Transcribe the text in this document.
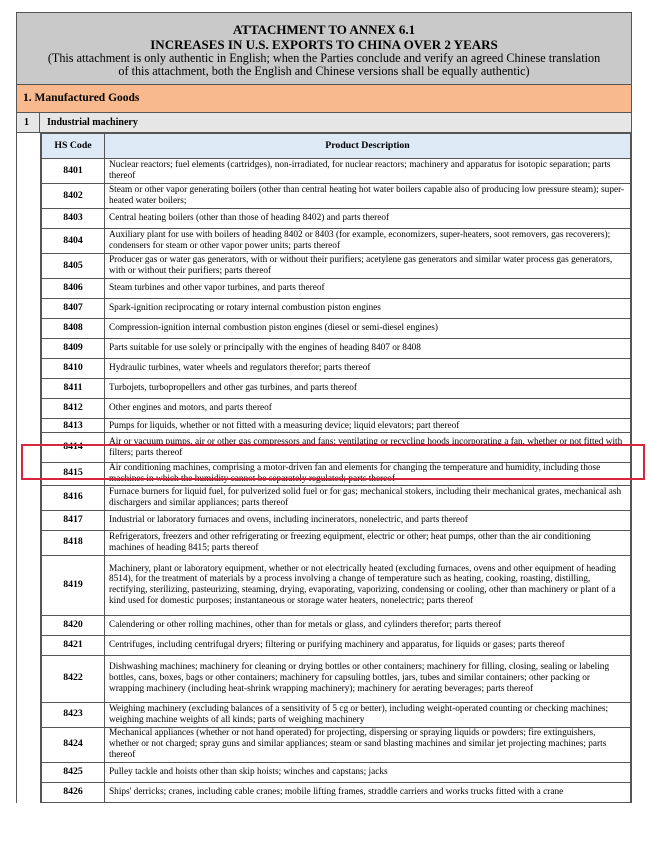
ATTACHMENT TO ANNEX 6.1
INCREASES IN U.S. EXPORTS TO CHINA OVER 2 YEARS
(This attachment is only authentic in English; when the Parties conclude and verify an agreed Chinese translation
of this attachment, both the English and Chinese versions shall be equally authentic)
1. Manufactured Goods
1	Industrial machinery
HS Code	Product Description
8401	Nuclear reactors; fuel elements (cartridges), non-irradiated, for nuclear reactors; machinery and apparatus for isotopic separation; parts thereof
8402	Steam or other vapor generating boilers (other than central heating hot water boilers capable also of producing low pressure steam); super-heated water boilers;
8403	Central heating boilers (other than those of heading 8402) and parts thereof
8404	Auxiliary plant for use with boilers of heading 8402 or 8403 (for example, economizers, super-heaters, soot removers, gas recoverers); condensers for steam or other vapor power units; parts thereof
8405	Producer gas or water gas generators, with or without their purifiers; acetylene gas generators and similar water process gas generators, with or without their purifiers; parts thereof
8406	Steam turbines and other vapor turbines, and parts thereof
8407	Spark-ignition reciprocating or rotary internal combustion piston engines
8408	Compression-ignition internal combustion piston engines (diesel or semi-diesel engines)
8409	Parts suitable for use solely or principally with the engines of heading 8407 or 8408
8410	Hydraulic turbines, water wheels and regulators therefor; parts thereof
8411	Turbojets, turbopropellers and other gas turbines, and parts thereof
8412	Other engines and motors, and parts thereof
8413	Pumps for liquids, whether or not fitted with a measuring device; liquid elevators; part thereof
8414	Air or vacuum pumps, air or other gas compressors and fans; ventilating or recycling hoods incorporating a fan, whether or not fitted with filters; parts thereof
8415	Air conditioning machines, comprising a motor-driven fan and elements for changing the temperature and humidity, including those machines in which the humidity cannot be separately regulated; parts thereof
8416	Furnace burners for liquid fuel, for pulverized solid fuel or for gas; mechanical stokers, including their mechanical grates, mechanical ash dischargers and similar appliances; parts thereof
8417	Industrial or laboratory furnaces and ovens, including incinerators, nonelectric, and parts thereof
8418	Refrigerators, freezers and other refrigerating or freezing equipment, electric or other; heat pumps, other than the air conditioning machines of heading 8415; parts thereof
8419	Machinery, plant or laboratory equipment, whether or not electrically heated (excluding furnaces, ovens and other equipment of heading 8514), for the treatment of materials by a process involving a change of temperature such as heating, cooking, roasting, distilling, rectifying, sterilizing, pasteurizing, steaming, drying, evaporating, vaporizing, condensing or cooling, other than machinery or plant of a kind used for domestic purposes; instantaneous or storage water heaters, nonelectric; parts thereof
8420	Calendering or other rolling machines, other than for metals or glass, and cylinders therefor; parts thereof
8421	Centrifuges, including centrifugal dryers; filtering or purifying machinery and apparatus, for liquids or gases; parts thereof
8422	Dishwashing machines; machinery for cleaning or drying bottles or other containers; machinery for filling, closing, sealing or labeling bottles, cans, boxes, bags or other containers; machinery for capsuling bottles, jars, tubes and similar containers; other packing or wrapping machinery (including heat-shrink wrapping machinery); machinery for aerating beverages; parts thereof
8423	Weighing machinery (excluding balances of a sensitivity of 5 cg or better), including weight-operated counting or checking machines; weighing machine weights of all kinds; parts of weighing machinery
8424	Mechanical appliances (whether or not hand operated) for projecting, dispersing or spraying liquids or powders; fire extinguishers, whether or not charged; spray guns and similar appliances; steam or sand blasting machines and similar jet projecting machines; parts thereof
8425	Pulley tackle and hoists other than skip hoists; winches and capstans; jacks
8426	Ships' derricks; cranes, including cable cranes; mobile lifting frames, straddle carriers and works trucks fitted with a crane
